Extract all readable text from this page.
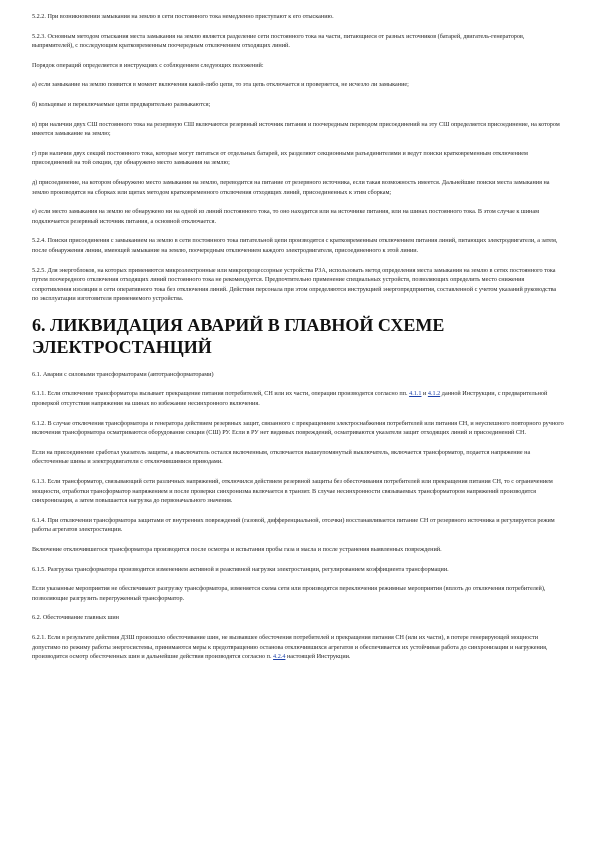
5.2.2. При возникновении замыкания на землю в сети постоянного тока немедленно приступают к его отысканию.

5.2.3. Основным методом отыскания места замыкания на землю является разделение сети постоянного тока на части, питающиеся от разных источников (батарей, двигатель-генераторов, выпрямителей), с последующим кратковременным поочередным отключением отходящих линий.

Порядок операций определяется в инструкциях с соблюдением следующих положений:

а) если замыкание на землю появится в момент включения какой-либо цепи, то эта цепь отключается и проверяется, не исчезло ли замыкание;

б) кольцевые и переключаемые цепи предварительно размыкаются;

в) при наличии двух СШ постоянного тока на резервную СШ включаются резервный источник питания и поочередным переводом присоединений на эту СШ определяется присоединение, на котором имеется замыкание на землю;

г) при наличии двух секций постоянного тока, которые могут питаться от отдельных батарей, их разделяют секционными разъединителями и ведут поиски кратковременным отключением присоединений на той секции, где обнаружено место замыкания на землю;

д) присоединение, на котором обнаружено место замыкания на землю, переводится на питание от резервного источника, если такая возможность имеется. Дальнейшие поиски места замыкания на землю производятся на сборках или щитах методом кратковременного отключения отходящих линий, присоединенных к этим сборкам;

е) если место замыкания на землю не обнаружено ни на одной из линий постоянного тока, то оно находится или на источнике питания, или на шинах постоянного тока. В этом случае к шинам подключается резервный источник питания, а основной отключается.

5.2.4. Поиски присоединения с замыканием на землю в сети постоянного тока питательной цепи производятся с кратковременным отключением питания линий, питающих электродвигатели, а затем, после обнаружения линии, имеющей замыкание на землю, поочередным отключением каждого электродвигателя, присоединенного к этой линии.

5.2.5. Для энергоблоков, на которых применяются микроэлектронные или микропроцессорные устройства РЗА, использовать метод определения места замыкания на землю в сетях постоянного тока путем поочередного отключения отходящих линий постоянного тока не рекомендуется. Предпочтительно применение специальных устройств, позволяющих определить место снижения сопротивления изоляции в сети оперативного тока без отключения линий. Действия персонала при этом определяются инструкцией энергопредприятия, составленной с учетом указаний руководства по эксплуатации изготовителя применяемого устройства.

6. ЛИКВИДАЦИЯ АВАРИЙ В ГЛАВНОЙ СХЕМЕ ЭЛЕКТРОСТАНЦИЙ

6.1. Аварии с силовыми трансформаторами (автотрансформаторами)

6.1.1. Если отключение трансформатора вызывает прекращение питания потребителей, СН или их части, операции производятся согласно пп. 4.1.1 и 4.1.2 данной Инструкции, с предварительной проверкой отсутствия напряжения на шинах во избежание несинхронного включения.

6.1.2. В случае отключения трансформатора и генератора действием резервных защит, связанного с прекращением электроснабжения потребителей или питания СН, и неуспешного повторного ручного включения трансформатора осматриваются оборудование секции (СШ) РУ. Если в РУ нет видимых повреждений, осматриваются указатели защит отходящих линий и присоединений СН.

Если на присоединение сработал указатель защиты, а выключатель остался включенным, отключается вышеупомянутый выключатель, включается трансформатор, подается напряжение на обесточенные шины и электродвигатели с отключившимися приводами.

6.1.3. Если трансформатор, связывающий сети различных напряжений, отключился действием резервной защиты без обесточивания потребителей или прекращения питания СН, то с ограничением мощности, отработки трансформатор напряжением и после проверки синхронизма включается в транзит. В случае несинхронности связываемых трансформатором напряжений производится синхронизация, а затем повышается нагрузка до первоначального значения.

6.1.4. При отключении трансформатора защитами от внутренних повреждений (газовой, дифференциальной, отсечки) восстанавливается питание СН от резервного источника и регулируется режим работы агрегатов электростанции.

Включение отключившегося трансформатора производится после осмотра и испытания пробы газа и масла и после устранения выявленных повреждений.

6.1.5. Разгрузка трансформатора производится изменением активной и реактивной нагрузки электростанции, регулированием коэффициента трансформации.

Если указанные мероприятия не обеспечивают разгрузку трансформатора, изменяется схема сети или производятся переключения режимные мероприятия (вплоть до отключения потребителей), позволяющие разгрузить перегруженный трансформатор.

6.2. Обесточивание главных шин

6.2.1. Если в результате действия ДЗШ произошло обесточивание шин, не вызвавшее обесточения потребителей и прекращения питания СН (или их части), в потере генерирующей мощности допустимо по режиму работы энергосистемы, принимаются меры к предотвращению останова отключившихся агрегатов и обеспечивается их устойчивая работа до синхронизации и нагружения, производится осмотр обесточенных шин и дальнейшие действия производятся согласно п. 4.2.4 настоящей Инструкции.
